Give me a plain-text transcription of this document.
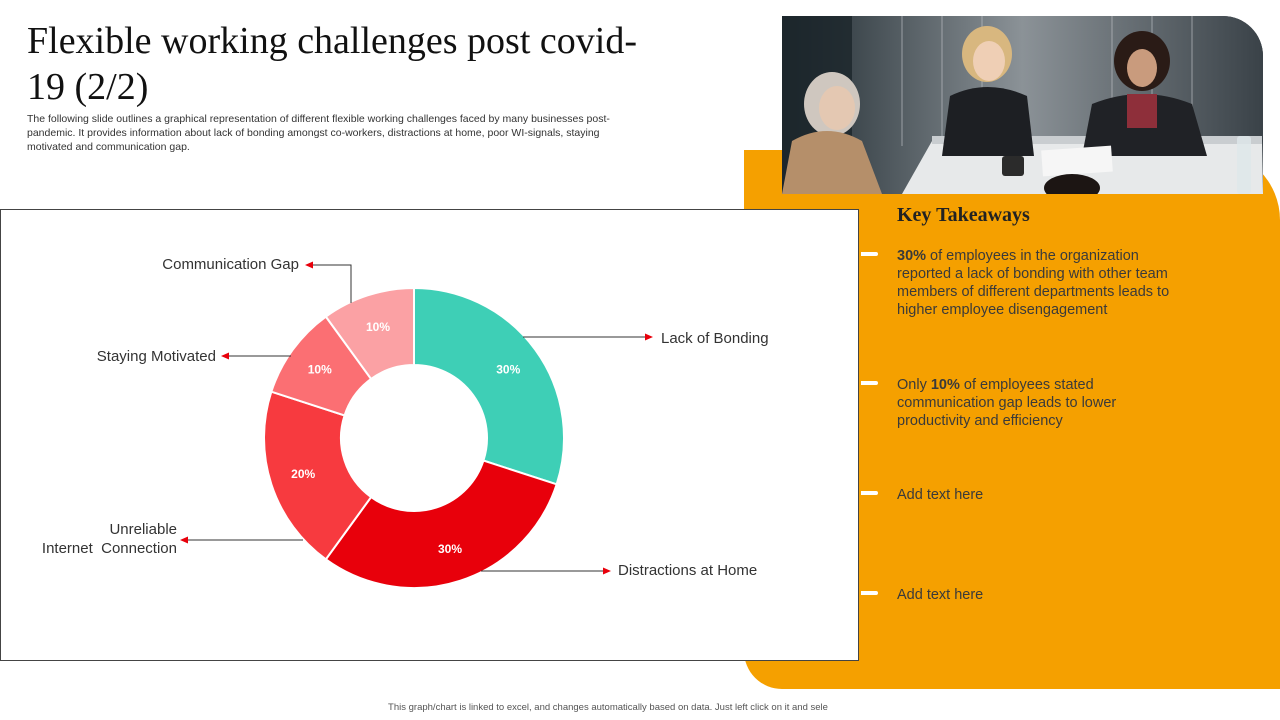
Flexible working challenges post covid-19 (2/2)

The following slide outlines a graphical representation of different flexible working challenges faced by many businesses post-pandemic. It provides information about lack of bonding amongst co-workers, distractions at home, poor WI-signals, staying motivated and communication gap.

30%
30%
20%
10%
10%
Lack of Bonding
Distractions at Home
Unreliable Internet  Connection
Staying Motivated
Communication Gap
Key Takeaways
30% of employees in the organization reported a lack of bonding with other team members of different departments leads to higher employee disengagement
Only 10% of employees stated communication gap leads to lower productivity and efficiency
Add text here
Add text here
This graph/chart is linked to excel, and changes automatically based on data. Just left click on it and sele
